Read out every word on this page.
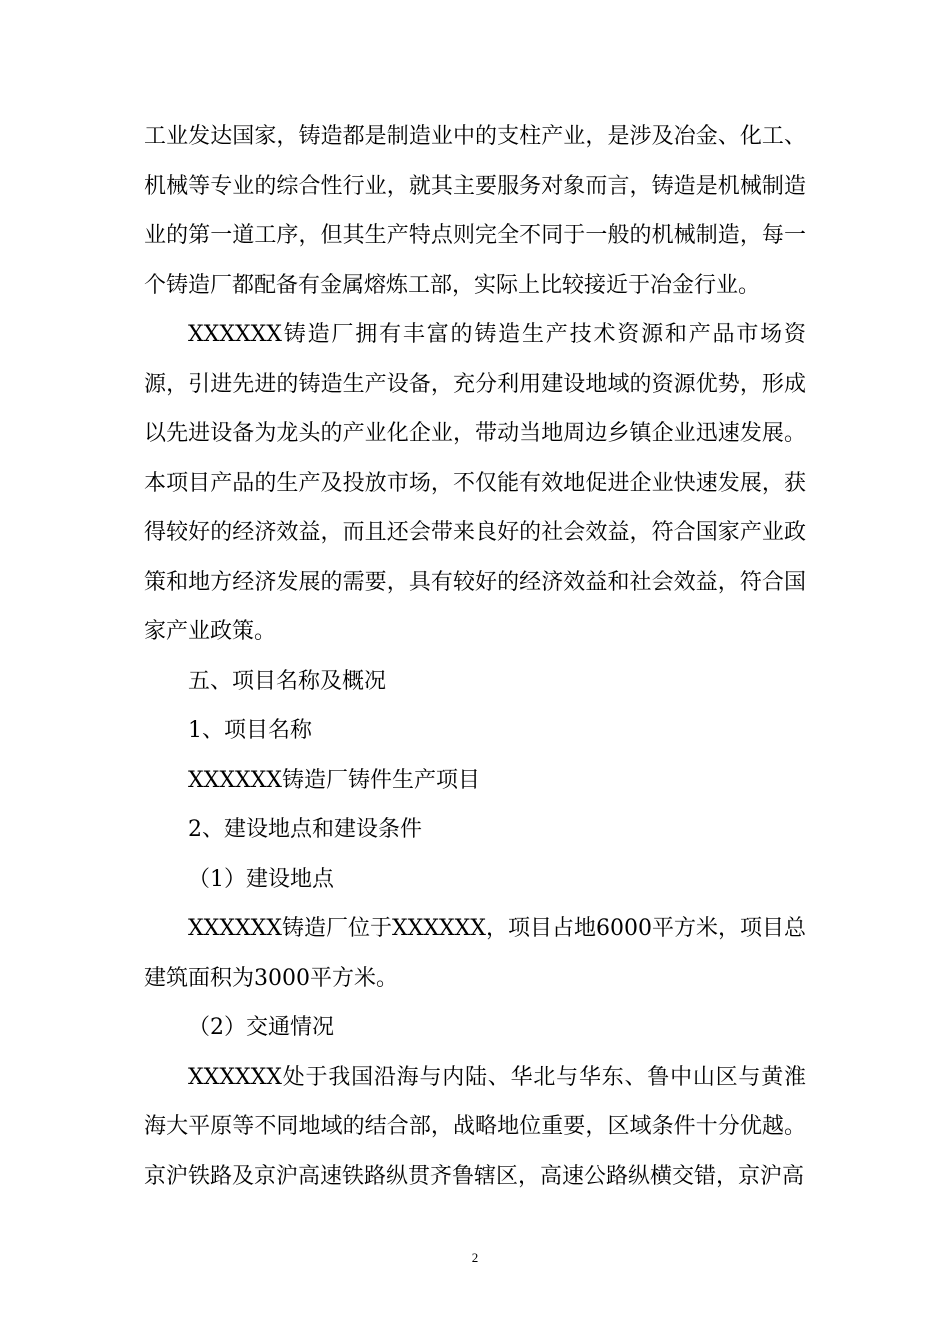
工业发达国家，铸造都是制造业中的支柱产业，是涉及冶金、化工、机械等专业的综合性行业，就其主要服务对象而言，铸造是机械制造业的第一道工序，但其生产特点则完全不同于一般的机械制造，每一个铸造厂都配备有金属熔炼工部，实际上比较接近于冶金行业。

XXXXXX铸造厂拥有丰富的铸造生产技术资源和产品市场资源，引进先进的铸造生产设备，充分利用建设地域的资源优势，形成以先进设备为龙头的产业化企业，带动当地周边乡镇企业迅速发展。本项目产品的生产及投放市场，不仅能有效地促进企业快速发展，获得较好的经济效益，而且还会带来良好的社会效益，符合国家产业政策和地方经济发展的需要，具有较好的经济效益和社会效益，符合国家产业政策。

五、项目名称及概况

1、项目名称

XXXXXX铸造厂铸件生产项目

2、建设地点和建设条件

（1）建设地点

XXXXXX铸造厂位于XXXXXX，项目占地6000平方米，项目总建筑面积为3000平方米。

（2）交通情况

XXXXXX处于我国沿海与内陆、华北与华东、鲁中山区与黄淮海大平原等不同地域的结合部，战略地位重要，区域条件十分优越。京沪铁路及京沪高速铁路纵贯齐鲁辖区，高速公路纵横交错，京沪高

2
